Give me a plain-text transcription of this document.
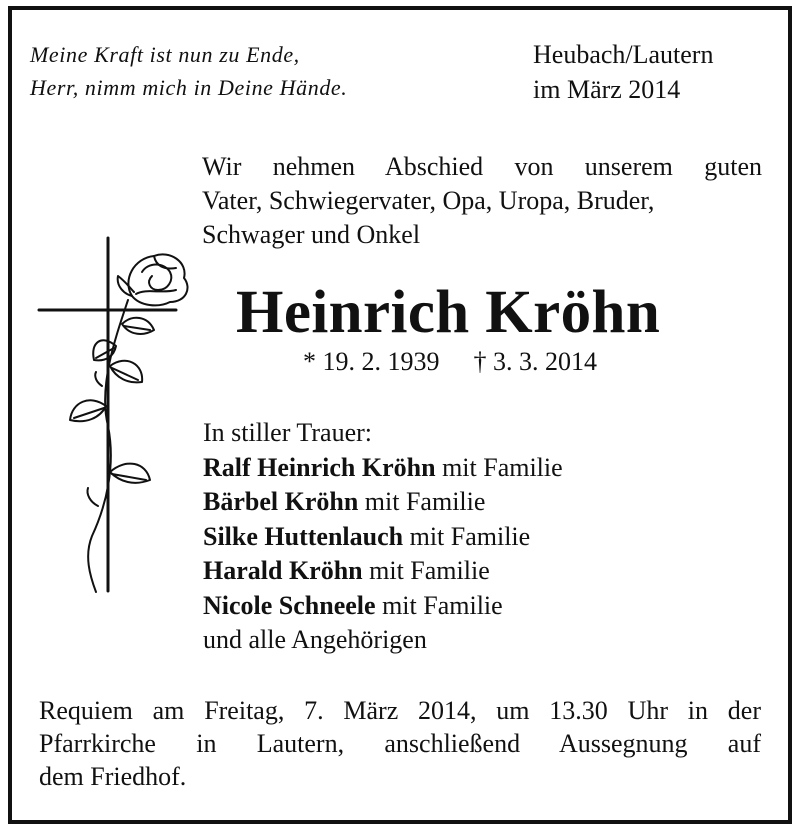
Meine Kraft ist nun zu Ende,
Herr, nimm mich in Deine Hände.
Heubach/Lautern
im März 2014
Wir nehmen Abschied von unserem guten
Vater, Schwiegervater, Opa, Uropa, Bruder,
Schwager und Onkel
Heinrich Kröhn
* 19. 2. 1939 † 3. 3. 2014
In stiller Trauer:
Ralf Heinrich Kröhn mit Familie
Bärbel Kröhn mit Familie
Silke Huttenlauch mit Familie
Harald Kröhn mit Familie
Nicole Schneele mit Familie
und alle Angehörigen
Requiem am Freitag, 7. März 2014, um 13.30 Uhr in der
Pfarrkirche in Lautern, anschließend Aussegnung auf
dem Friedhof.
